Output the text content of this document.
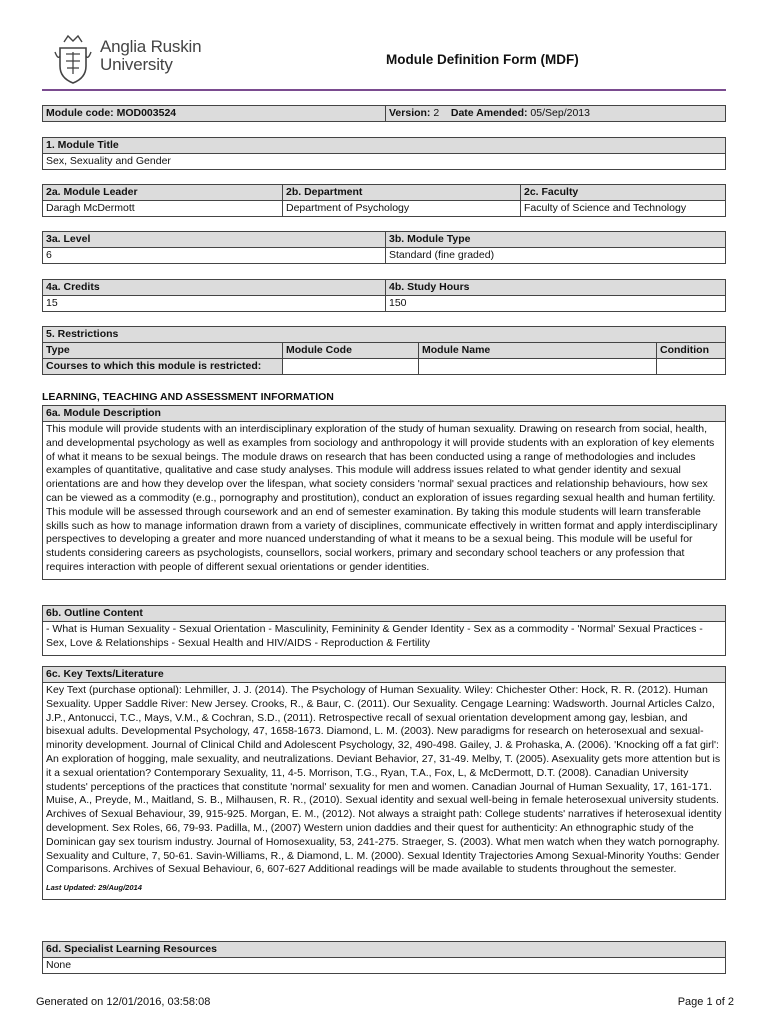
Anglia Ruskin
University	Module Definition Form (MDF)
Module code: MOD003524	Version: 2 Date Amended: 05/Sep/2013
1. Module Title
Sex, Sexuality and Gender
2a. Module Leader	2b. Department	2c. Faculty
Daragh McDermott	Department of Psychology	Faculty of Science and Technology
3a. Level	3b. Module Type
6	Standard (fine graded)
4a. Credits	4b. Study Hours
15	150
5. Restrictions			
Type	Module Code	Module Name	Condition
Courses to which this module is restricted:			
LEARNING, TEACHING AND ASSESSMENT INFORMATION
6a. Module Description
This module will provide students with an interdisciplinary exploration of the study of human sexuality. Drawing on research from social, health, and developmental psychology as well as examples from sociology and anthropology it will provide students with an exploration of key elements of what it means to be sexual beings. The module draws on research that has been conducted using a range of methodologies and includes examples of quantitative, qualitative and case study analyses. This module will address issues related to what gender identity and sexual orientations are and how they develop over the lifespan, what society considers 'normal' sexual practices and relationship behaviours, how sex can be viewed as a commodity (e.g., pornography and prostitution), conduct an exploration of issues regarding sexual health and human fertility. This module will be assessed through coursework and an end of semester examination. By taking this module students will learn transferable skills such as how to manage information drawn from a variety of disciplines, communicate effectively in written format and apply interdisciplinary perspectives to developing a greater and more nuanced understanding of what it means to be a sexual being. This module will be useful for students considering careers as psychologists, counsellors, social workers, primary and secondary school teachers or any profession that requires interaction with people of different sexual orientations or gender identities.
6b. Outline Content
- What is Human Sexuality - Sexual Orientation - Masculinity, Femininity & Gender Identity - Sex as a commodity - 'Normal' Sexual Practices - Sex, Love & Relationships - Sexual Health and HIV/AIDS - Reproduction & Fertility
6c. Key Texts/Literature

Key Text (purchase optional): Lehmiller, J. J. (2014). The Psychology of Human Sexuality. Wiley: Chichester Other: Hock, R. R. (2012). Human Sexuality. Upper Saddle River: New Jersey. Crooks, R., & Baur, C. (2011). Our Sexuality. Cengage Learning: Wadsworth. Journal Articles Calzo, J.P., Antonucci, T.C., Mays, V.M., & Cochran, S.D., (2011). Retrospective recall of sexual orientation development among gay, lesbian, and bisexual adults. Developmental Psychology, 47, 1658-1673. Diamond, L. M. (2003). New paradigms for research on heterosexual and sexual-minority development. Journal of Clinical Child and Adolescent Psychology, 32, 490-498. Gailey, J. & Prohaska, A. (2006). 'Knocking off a fat girl': An exploration of hogging, male sexuality, and neutralizations. Deviant Behavior, 27, 31-49. Melby, T. (2005). Asexuality gets more attention but is it a sexual orientation? Contemporary Sexuality, 11, 4-5. Morrison, T.G., Ryan, T.A., Fox, L, & McDermott, D.T. (2008). Canadian University students' perceptions of the practices that constitute 'normal' sexuality for men and women. Canadian Journal of Human Sexuality, 17, 161-171. Muise, A., Preyde, M., Maitland, S. B., Milhausen, R. R., (2010). Sexual identity and sexual well-being in female heterosexual university students. Archives of Sexual Behaviour, 39, 915-925. Morgan, E. M., (2012). Not always a straight path: College students' narratives if heterosexual identity development. Sex Roles, 66, 79-93. Padilla, M., (2007) Western union daddies and their quest for authenticity: An ethnographic study of the Dominican gay sex tourism industry. Journal of Homosexuality, 53, 241-275. Straeger, S. (2003). What men watch when they watch pornography. Sexuality and Culture, 7, 50-61. Savin-Williams, R., & Diamond, L. M. (2000). Sexual Identity Trajectories Among Sexual-Minority Youths: Gender Comparisons. Archives of Sexual Behaviour, 6, 607-627 Additional readings will be made available to students throughout the semester.
Last Updated: 29/Aug/2014
6d. Specialist Learning Resources
None
Generated on 12/01/2016, 03:58:08	Page 1 of 2
